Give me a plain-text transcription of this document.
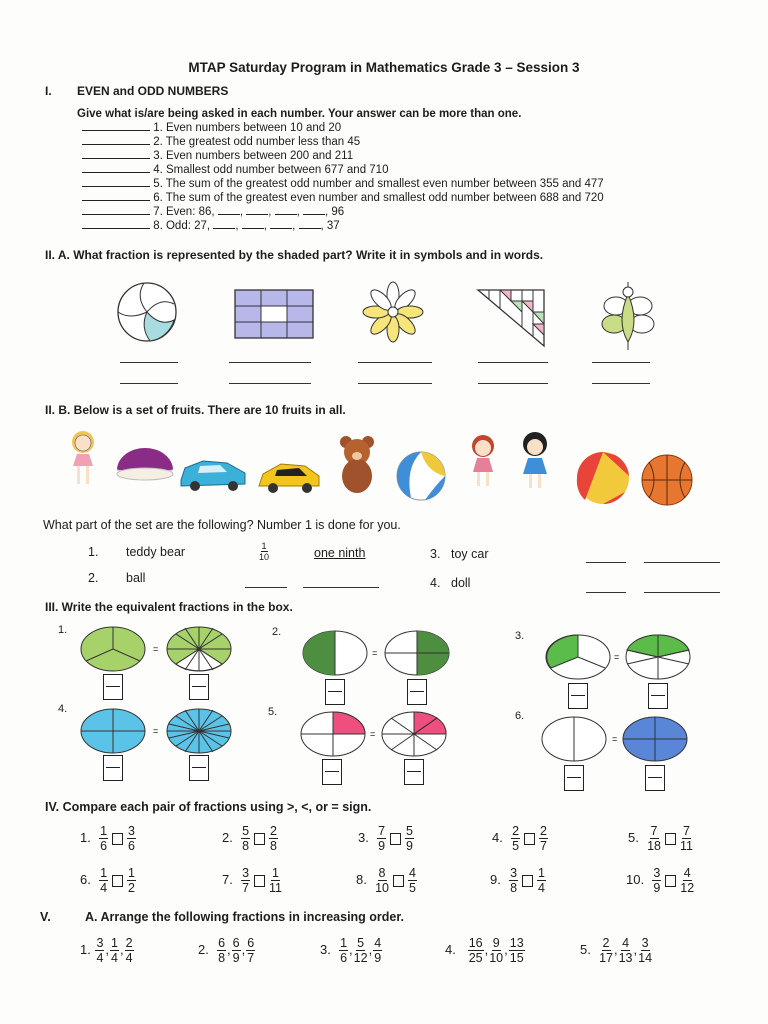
MTAP Saturday Program in Mathematics Grade 3 – Session 3
I. EVEN and ODD NUMBERS
Give what is/are being asked in each number. Your answer can be more than one.
1. Even numbers between 10 and 20
2. The greatest odd number less than 45
3. Even numbers between 200 and 211
4. Smallest odd number between 677 and 710
5. The sum of the greatest odd number and smallest even number between 355 and 477
6. The sum of the greatest even number and smallest odd number between 688 and 720
7. Even: 86, , , , , 96
8. Odd: 27, , , , , 37
II. A. What fraction is represented by the shaded part? Write it in symbols and in words.
II. B. Below is a set of fruits. There are 10 fruits in all.
What part of the set are the following? Number 1 is done for you.
1. teddy bear	$\frac{1}{10}$	one ninth	3. toy car
2. ball	4. doll
III. Write the equivalent fractions in the box.
1.	2.	3.
4.	5.	6.
=	=	=
=	=	=
IV. Compare each pair of fractions using >, <, or = sign.
1. $\frac{1}{6} \frac{3}{6}$	2. $\frac{5}{8} \frac{2}{8}$	3. $\frac{7}{9} \frac{5}{9}$	4. $\frac{2}{5} \frac{2}{7}$	5. $\frac{7}{18} \frac{7}{11}$
6. $\frac{1}{4} \frac{1}{2}$	7. $\frac{3}{7} \frac{1}{11}$	8. $\frac{8}{10} \frac{4}{5}$	9. $\frac{3}{8} \frac{1}{4}$	10. $\frac{3}{9} \frac{4}{12}$
V.	A. Arrange the following fractions in increasing order.
1. $\frac{3}{4}$ , $\frac{1}{4}$ , $\frac{2}{4}$	2. $\frac{6}{8}$ , $\frac{6}{9}$ , $\frac{6}{7}$	3. $\frac{1}{6}$ , $\frac{5}{12}$ , $\frac{4}{9}$	4. $\frac{16}{25}$ , $\frac{9}{10}$ , $\frac{13}{15}$	5. $\frac{2}{17}$ , $\frac{4}{13}$ , $\frac{3}{14}$
